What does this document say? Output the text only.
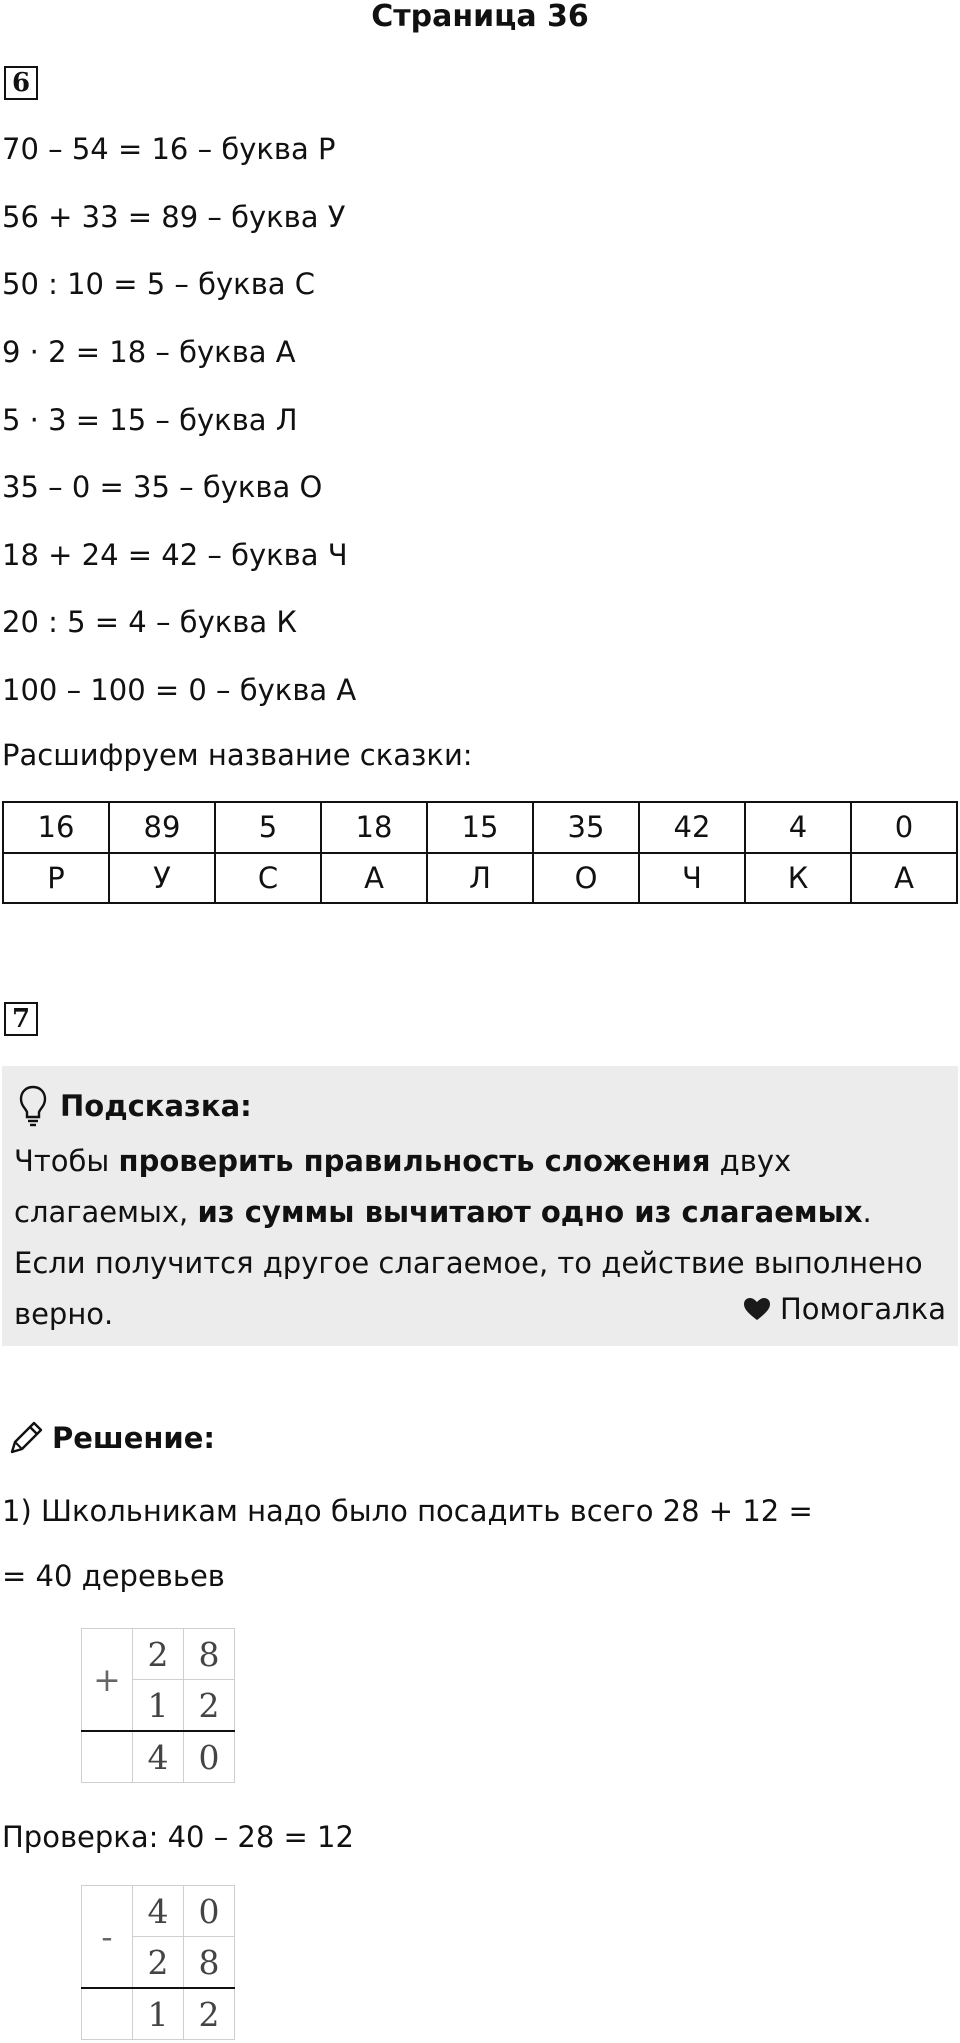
Страница 36
6
70 – 54 = 16 – буква Р
56 + 33 = 89 – буква У
50 : 10 = 5 – буква С
9 · 2 = 18 – буква А
5 · 3 = 15 – буква Л
35 – 0 = 35 – буква О
18 + 24 = 42 – буква Ч
20 : 5 = 4 – буква К
100 – 100 = 0 – буква А
Расшифруем название сказки:
16	89	5	18	15	35	42	4	0
Р	У	С	А	Л	О	Ч	К	А
7
Подсказка:
Чтобы проверить правильность сложения двух слагаемых, из суммы вычитают одно из слагаемых. Если получится другое слагаемое, то действие выполнено верно.	Помогалка
Решение:
1) Школьникам надо было посадить всего 28 + 12 =
= 40 деревьев
+	2	8
	1	2
	4	0
Проверка: 40 – 28 = 12
-	4	0
	2	8
	1	2
